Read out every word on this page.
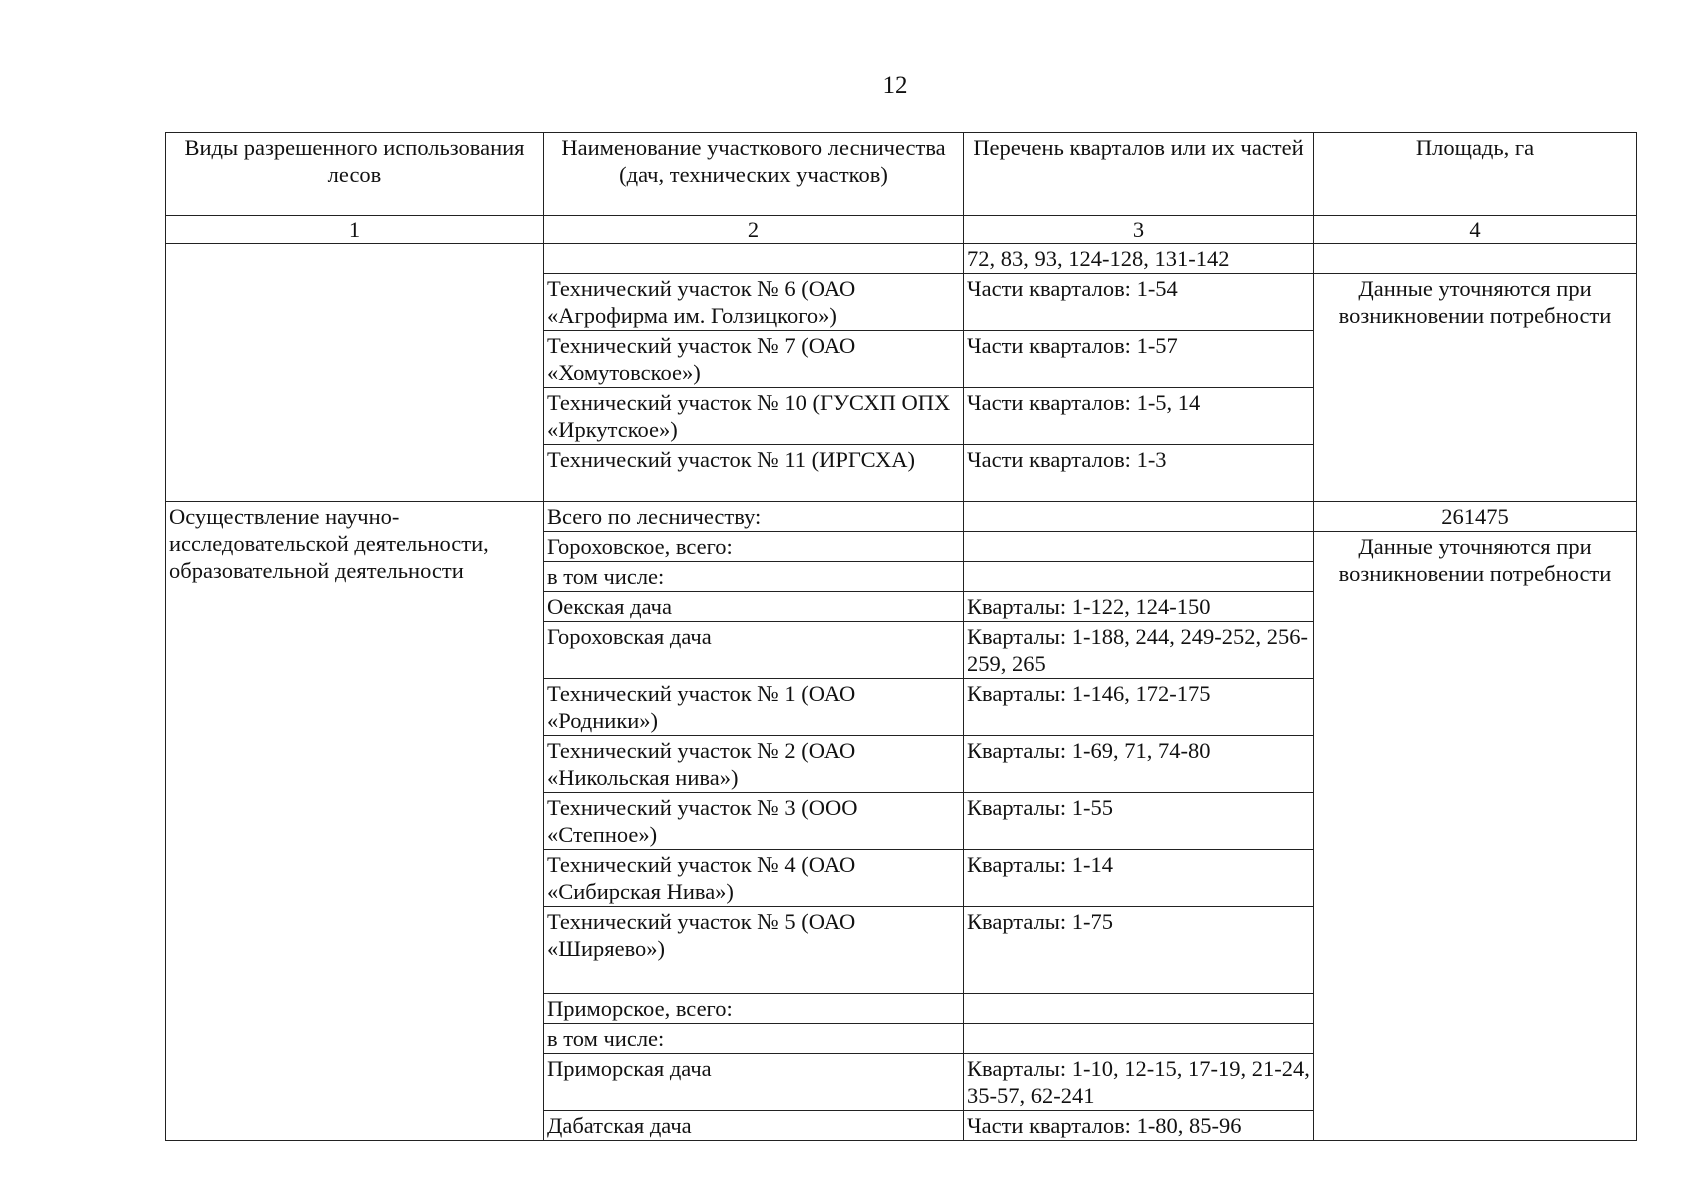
12
Виды разрешенного использования лесов	Наименование участкового лесничества (дач, технических участков)	Перечень кварталов или их частей	Площадь, га
1	2	3	4
		72, 83, 93, 124-128, 131-142	
	Технический участок № 6 (ОАО «Агрофирма им. Голзицкого»)	Части кварталов: 1-54	Данные уточняются при возникновении потребности
	Технический участок № 7 (ОАО «Хомутовское»)	Части кварталов: 1-57	
	Технический участок № 10 (ГУСХП ОПХ «Иркутское»)	Части кварталов: 1-5, 14	
	Технический участок № 11 (ИРГСХА)	Части кварталов: 1-3	
Осуществление научно-исследовательской деятельности, образовательной деятельности	Всего по лесничеству:		261475
	Гороховское, всего:		Данные уточняются при возникновении потребности
	в том числе:		
	Оекская дача	Кварталы: 1-122, 124-150	
	Гороховская дача	Кварталы: 1-188, 244, 249-252, 256-259, 265	
	Технический участок № 1 (ОАО «Родники»)	Кварталы: 1-146, 172-175	
	Технический участок № 2 (ОАО «Никольская нива»)	Кварталы: 1-69, 71, 74-80	
	Технический участок № 3 (ООО «Степное»)	Кварталы: 1-55	
	Технический участок № 4 (ОАО «Сибирская Нива»)	Кварталы: 1-14	
	Технический участок № 5 (ОАО «Ширяево»)	Кварталы: 1-75	
	Приморское, всего:		
	в том числе:		
	Приморская дача	Кварталы: 1-10, 12-15, 17-19, 21-24, 35-57, 62-241	
	Дабатская дача	Части кварталов: 1-80, 85-96	
